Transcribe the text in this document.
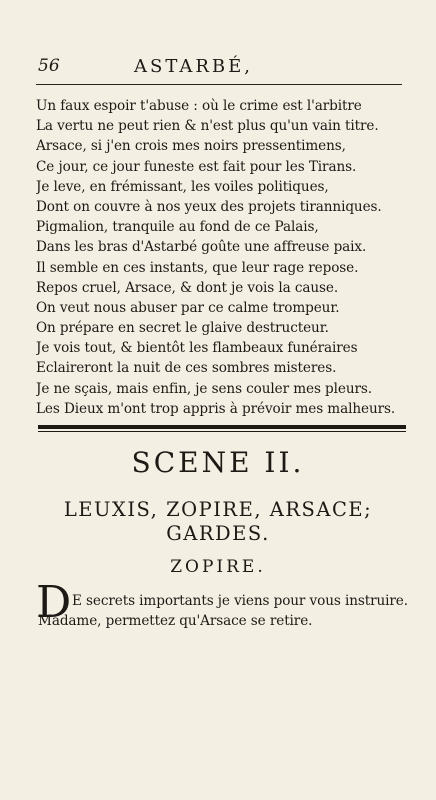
56	ASTARBÉ,
Un faux espoir t'abuse : où le crime est l'arbitre
La vertu ne peut rien & n'est plus qu'un vain titre.
Arsace, si j'en crois mes noirs pressentimens,
Ce jour, ce jour funeste est fait pour les Tirans.
Je leve, en frémissant, les voiles politiques,
Dont on couvre à nos yeux des projets tiranniques.
Pigmalion, tranquile au fond de ce Palais,
Dans les bras d'Astarbé goûte une affreuse paix.
Il semble en ces instants, que leur rage repose.
Repos cruel, Arsace, & dont je vois la cause.
On veut nous abuser par ce calme trompeur.
On prépare en secret le glaive destructeur.
Je vois tout, & bientôt les flambeaux funéraires
Eclaireront la nuit de ces sombres misteres.
Je ne sçais, mais enfin, je sens couler mes pleurs.
Les Dieux m'ont trop appris à prévoir mes malheurs.
SCENE II.
LEUXIS, ZOPIRE, ARSACE;
GARDES.
ZOPIRE.
D E secrets importants je viens pour vous instruire.
Madame, permettez qu'Arsace se retire.
